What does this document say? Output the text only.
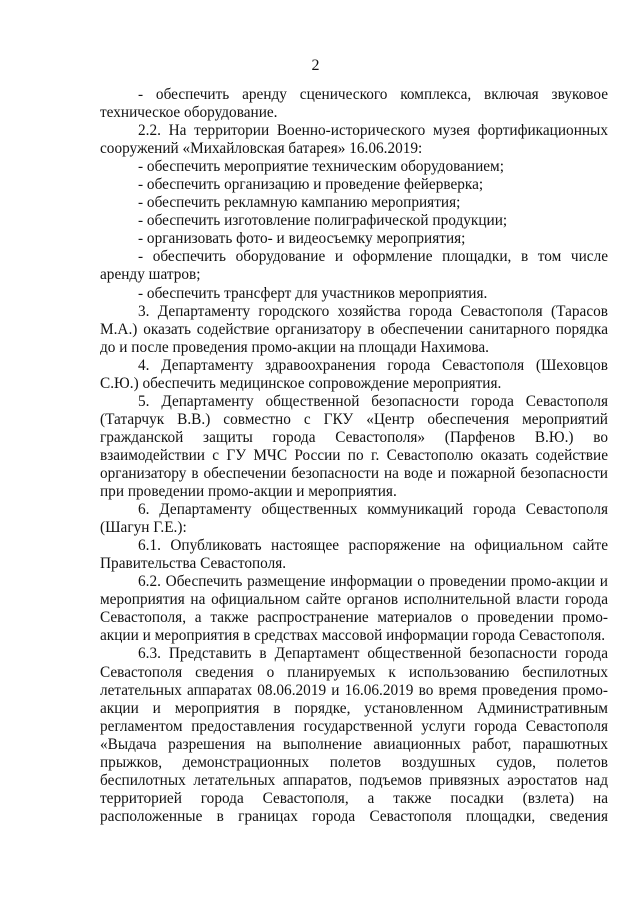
2

- обеспечить аренду сценического комплекса, включая звуковое техническое оборудование.

2.2. На территории Военно-исторического музея фортификационных сооружений «Михайловская батарея» 16.06.2019:

- обеспечить мероприятие техническим оборудованием;

- обеспечить организацию и проведение фейерверка;

- обеспечить рекламную кампанию мероприятия;

- обеспечить изготовление полиграфической продукции;

- организовать фото- и видеосъемку мероприятия;

- обеспечить оборудование и оформление площадки, в том числе аренду шатров;

- обеспечить трансферт для участников мероприятия.

3. Департаменту городского хозяйства города Севастополя (Тарасов М.А.) оказать содействие организатору в обеспечении санитарного порядка до и после проведения промо-акции на площади Нахимова.

4. Департаменту здравоохранения города Севастополя (Шеховцов С.Ю.) обеспечить медицинское сопровождение мероприятия.

5. Департаменту общественной безопасности города Севастополя (Татарчук В.В.) совместно с ГКУ «Центр обеспечения мероприятий гражданской защиты города Севастополя» (Парфенов В.Ю.) во взаимодействии с ГУ МЧС России по г. Севастополю оказать содействие организатору в обеспечении безопасности на воде и пожарной безопасности при проведении промо-акции и мероприятия.

6. Департаменту общественных коммуникаций города Севастополя (Шагун Г.Е.):

6.1. Опубликовать настоящее распоряжение на официальном сайте Правительства Севастополя.

6.2. Обеспечить размещение информации о проведении промо-акции и мероприятия на официальном сайте органов исполнительной власти города Севастополя, а также распространение материалов о проведении промо-акции и мероприятия в средствах массовой информации города Севастополя.

6.3. Представить в Департамент общественной безопасности города Севастополя сведения о планируемых к использованию беспилотных летательных аппаратах 08.06.2019 и 16.06.2019 во время проведения промо-акции и мероприятия в порядке, установленном Административным регламентом предоставления государственной услуги города Севастополя «Выдача разрешения на выполнение авиационных работ, парашютных прыжков, демонстрационных полетов воздушных судов, полетов беспилотных летательных аппаратов, подъемов привязных аэростатов над территорией города Севастополя, а также посадки (взлета) на расположенные в границах города Севастополя площадки, сведения
